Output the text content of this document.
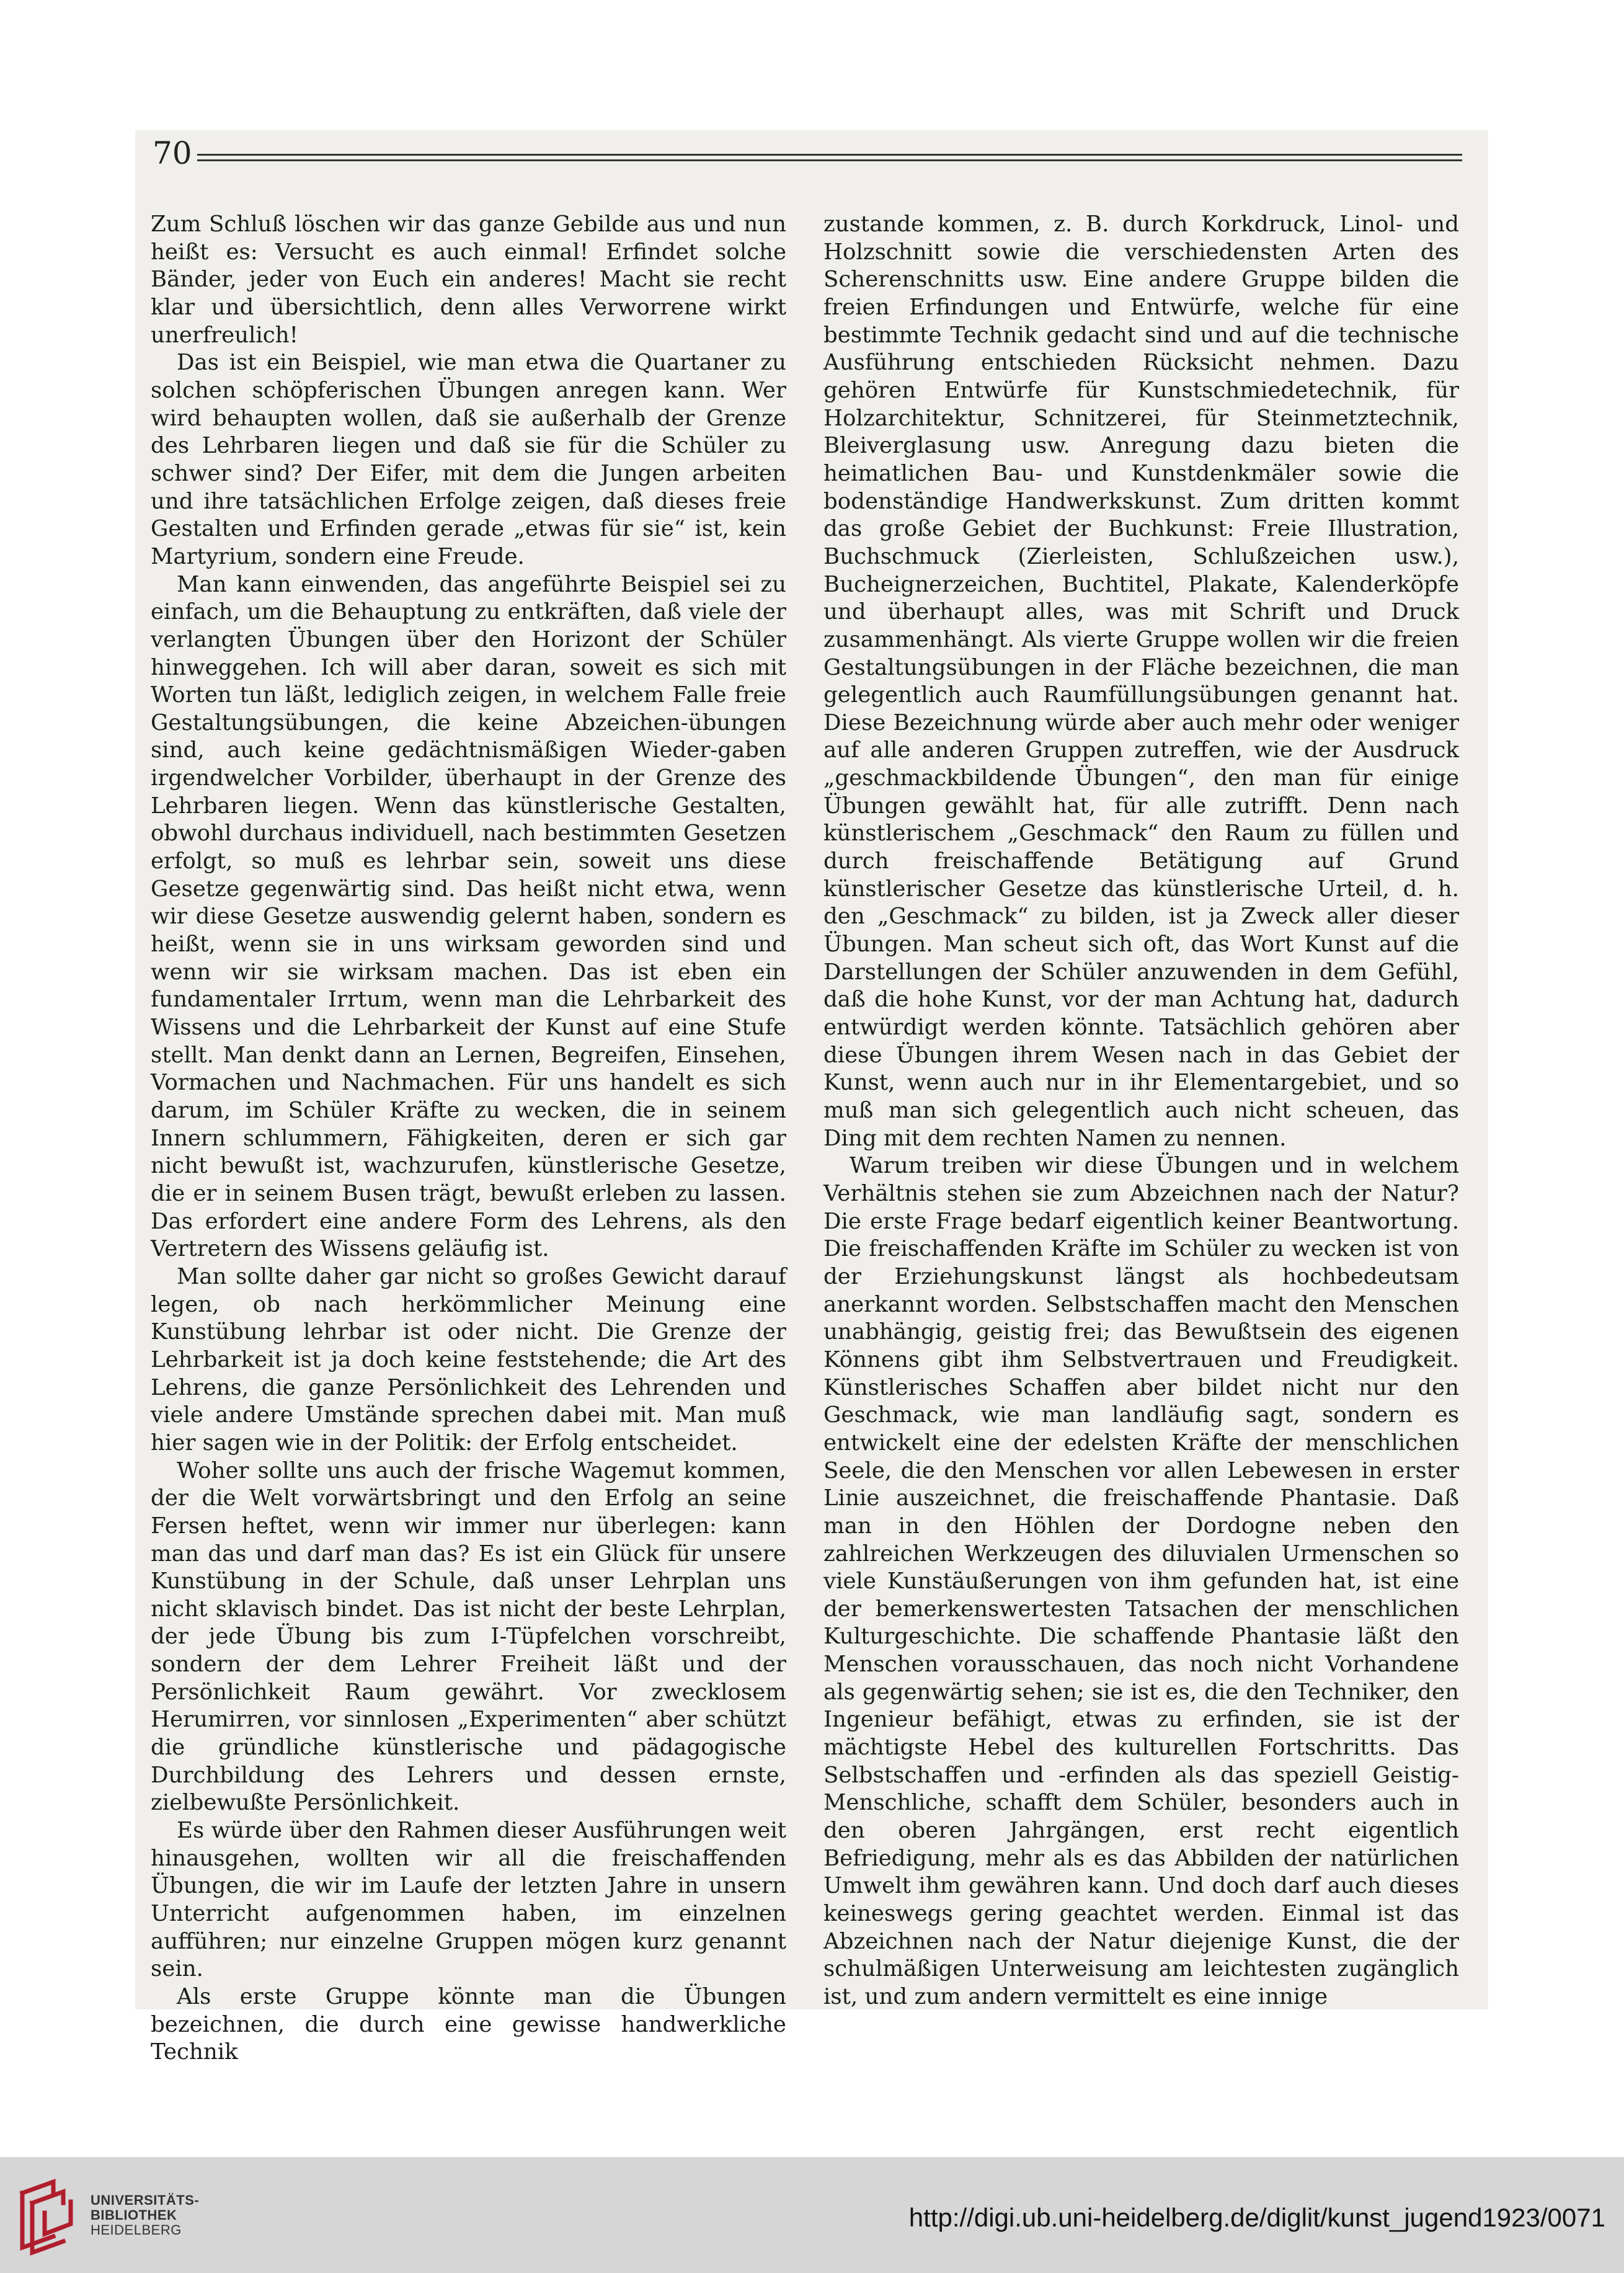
70

Zum Schluß löschen wir das ganze Gebilde aus und nun heißt es: Versucht es auch einmal! Erfindet solche Bänder, jeder von Euch ein anderes! Macht sie recht klar und übersichtlich, denn alles Verworrene wirkt unerfreulich!

Das ist ein Beispiel, wie man etwa die Quartaner zu solchen schöpferischen Übungen anregen kann. Wer wird behaupten wollen, daß sie außerhalb der Grenze des Lehrbaren liegen und daß sie für die Schüler zu schwer sind? Der Eifer, mit dem die Jungen arbeiten und ihre tatsächlichen Erfolge zeigen, daß dieses freie Gestalten und Erfinden gerade „etwas für sie“ ist, kein Martyrium, sondern eine Freude.

Man kann einwenden, das angeführte Beispiel sei zu einfach, um die Behauptung zu entkräften, daß viele der verlangten Übungen über den Horizont der Schüler hinweggehen. Ich will aber daran, soweit es sich mit Worten tun läßt, lediglich zeigen, in welchem Falle freie Gestaltungsübungen, die keine Abzeichen-übungen sind, auch keine gedächtnismäßigen Wieder-gaben irgendwelcher Vorbilder, überhaupt in der Grenze des Lehrbaren liegen. Wenn das künstlerische Gestalten, obwohl durchaus individuell, nach bestimmten Gesetzen erfolgt, so muß es lehrbar sein, soweit uns diese Gesetze gegenwärtig sind. Das heißt nicht etwa, wenn wir diese Gesetze auswendig gelernt haben, sondern es heißt, wenn sie in uns wirksam geworden sind und wenn wir sie wirksam machen. Das ist eben ein fundamentaler Irrtum, wenn man die Lehrbarkeit des Wissens und die Lehrbarkeit der Kunst auf eine Stufe stellt. Man denkt dann an Lernen, Begreifen, Einsehen, Vormachen und Nachmachen. Für uns handelt es sich darum, im Schüler Kräfte zu wecken, die in seinem Innern schlummern, Fähigkeiten, deren er sich gar nicht bewußt ist, wachzurufen, künstlerische Gesetze, die er in seinem Busen trägt, bewußt erleben zu lassen. Das erfordert eine andere Form des Lehrens, als den Vertretern des Wissens geläufig ist.

Man sollte daher gar nicht so großes Gewicht darauf legen, ob nach herkömmlicher Meinung eine Kunstübung lehrbar ist oder nicht. Die Grenze der Lehrbarkeit ist ja doch keine feststehende; die Art des Lehrens, die ganze Persönlichkeit des Lehrenden und viele andere Umstände sprechen dabei mit. Man muß hier sagen wie in der Politik: der Erfolg entscheidet.

Woher sollte uns auch der frische Wagemut kommen, der die Welt vorwärtsbringt und den Erfolg an seine Fersen heftet, wenn wir immer nur überlegen: kann man das und darf man das? Es ist ein Glück für unsere Kunstübung in der Schule, daß unser Lehrplan uns nicht sklavisch bindet. Das ist nicht der beste Lehrplan, der jede Übung bis zum I-Tüpfelchen vorschreibt, sondern der dem Lehrer Freiheit läßt und der Persönlichkeit Raum gewährt. Vor zwecklosem Herumirren, vor sinnlosen „Experimenten“ aber schützt die gründliche künstlerische und pädagogische Durchbildung des Lehrers und dessen ernste, zielbewußte Persönlichkeit.

Es würde über den Rahmen dieser Ausführungen weit hinausgehen, wollten wir all die freischaffenden Übungen, die wir im Laufe der letzten Jahre in unsern Unterricht aufgenommen haben, im einzelnen aufführen; nur einzelne Gruppen mögen kurz genannt sein.

Als erste Gruppe könnte man die Übungen bezeichnen, die durch eine gewisse handwerkliche Technik

zustande kommen, z. B. durch Korkdruck, Linol- und Holzschnitt sowie die verschiedensten Arten des Scherenschnitts usw. Eine andere Gruppe bilden die freien Erfindungen und Entwürfe, welche für eine bestimmte Technik gedacht sind und auf die technische Ausführung entschieden Rücksicht nehmen. Dazu gehören Entwürfe für Kunstschmiedetechnik, für Holzarchitektur, Schnitzerei, für Steinmetztechnik, Bleiverglasung usw. Anregung dazu bieten die heimatlichen Bau- und Kunstdenkmäler sowie die bodenständige Handwerkskunst. Zum dritten kommt das große Gebiet der Buchkunst: Freie Illustration, Buchschmuck (Zierleisten, Schlußzeichen usw.), Bucheignerzeichen, Buchtitel, Plakate, Kalenderköpfe und überhaupt alles, was mit Schrift und Druck zusammenhängt. Als vierte Gruppe wollen wir die freien Gestaltungsübungen in der Fläche bezeichnen, die man gelegentlich auch Raumfüllungsübungen genannt hat. Diese Bezeichnung würde aber auch mehr oder weniger auf alle anderen Gruppen zutreffen, wie der Ausdruck „geschmackbildende Übungen“, den man für einige Übungen gewählt hat, für alle zutrifft. Denn nach künstlerischem „Geschmack“ den Raum zu füllen und durch freischaffende Betätigung auf Grund künstlerischer Gesetze das künstlerische Urteil, d. h. den „Geschmack“ zu bilden, ist ja Zweck aller dieser Übungen. Man scheut sich oft, das Wort Kunst auf die Darstellungen der Schüler anzuwenden in dem Gefühl, daß die hohe Kunst, vor der man Achtung hat, dadurch entwürdigt werden könnte. Tatsächlich gehören aber diese Übungen ihrem Wesen nach in das Gebiet der Kunst, wenn auch nur in ihr Elementargebiet, und so muß man sich gelegentlich auch nicht scheuen, das Ding mit dem rechten Namen zu nennen.

Warum treiben wir diese Übungen und in welchem Verhältnis stehen sie zum Abzeichnen nach der Natur? Die erste Frage bedarf eigentlich keiner Beantwortung. Die freischaffenden Kräfte im Schüler zu wecken ist von der Erziehungskunst längst als hochbedeutsam anerkannt worden. Selbstschaffen macht den Menschen unabhängig, geistig frei; das Bewußtsein des eigenen Könnens gibt ihm Selbstvertrauen und Freudigkeit. Künstlerisches Schaffen aber bildet nicht nur den Geschmack, wie man landläufig sagt, sondern es entwickelt eine der edelsten Kräfte der menschlichen Seele, die den Menschen vor allen Lebewesen in erster Linie auszeichnet, die freischaffende Phantasie. Daß man in den Höhlen der Dordogne neben den zahlreichen Werkzeugen des diluvialen Urmenschen so viele Kunstäußerungen von ihm gefunden hat, ist eine der bemerkenswertesten Tatsachen der menschlichen Kulturgeschichte. Die schaffende Phantasie läßt den Menschen vorausschauen, das noch nicht Vorhandene als gegenwärtig sehen; sie ist es, die den Techniker, den Ingenieur befähigt, etwas zu erfinden, sie ist der mächtigste Hebel des kulturellen Fortschritts. Das Selbstschaffen und -erfinden als das speziell Geistig-Menschliche, schafft dem Schüler, besonders auch in den oberen Jahrgängen, erst recht eigentlich Befriedigung, mehr als es das Abbilden der natürlichen Umwelt ihm gewähren kann. Und doch darf auch dieses keineswegs gering geachtet werden. Einmal ist das Abzeichnen nach der Natur diejenige Kunst, die der schulmäßigen Unterweisung am leichtesten zugänglich ist, und zum andern vermittelt es eine innige

UNIVERSITÄTS-
BIBLIOTHEK
HEIDELBERG	http://digi.ub.uni-heidelberg.de/diglit/kunst_jugend1923/0071
